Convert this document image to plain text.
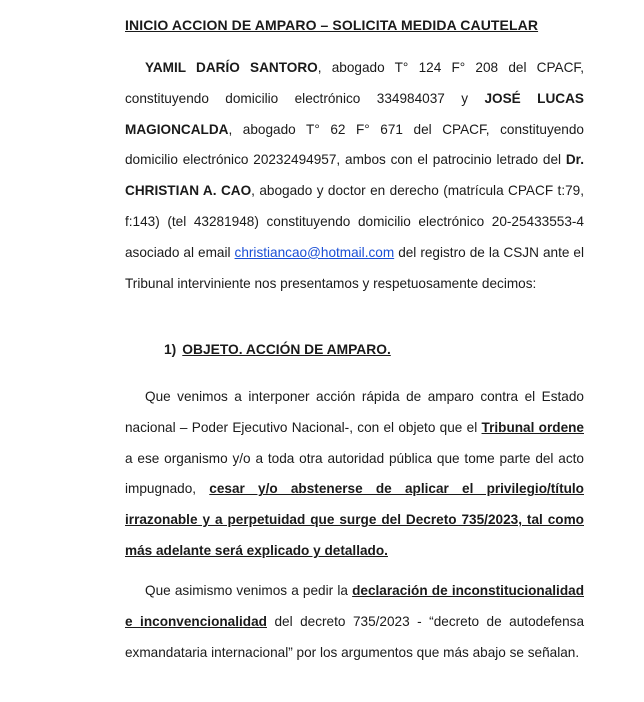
INICIO ACCION DE AMPARO – SOLICITA MEDIDA CAUTELAR

YAMIL DARÍO SANTORO, abogado T° 124 F° 208 del CPACF, constituyendo domicilio electrónico 334984037 y JOSÉ LUCAS MAGIONCALDA, abogado T° 62 F° 671 del CPACF, constituyendo domicilio electrónico 20232494957, ambos con el patrocinio letrado del Dr. CHRISTIAN A. CAO, abogado y doctor en derecho (matrícula CPACF t:79, f:143) (tel 43281948) constituyendo domicilio electrónico 20-25433553-4 asociado al email christiancao@hotmail.com del registro de la CSJN ante el Tribunal interviniente nos presentamos y respetuosamente decimos:

1) OBJETO. ACCIÓN DE AMPARO.

Que venimos a interponer acción rápida de amparo contra el Estado nacional – Poder Ejecutivo Nacional-, con el objeto que el Tribunal ordene a ese organismo y/o a toda otra autoridad pública que tome parte del acto impugnado, cesar y/o abstenerse de aplicar el privilegio/título irrazonable y a perpetuidad que surge del Decreto 735/2023, tal como más adelante será explicado y detallado.

Que asimismo venimos a pedir la declaración de inconstitucionalidad e inconvencionalidad del decreto 735/2023 - “decreto de autodefensa exmandataria internacional” por los argumentos que más abajo se señalan.
